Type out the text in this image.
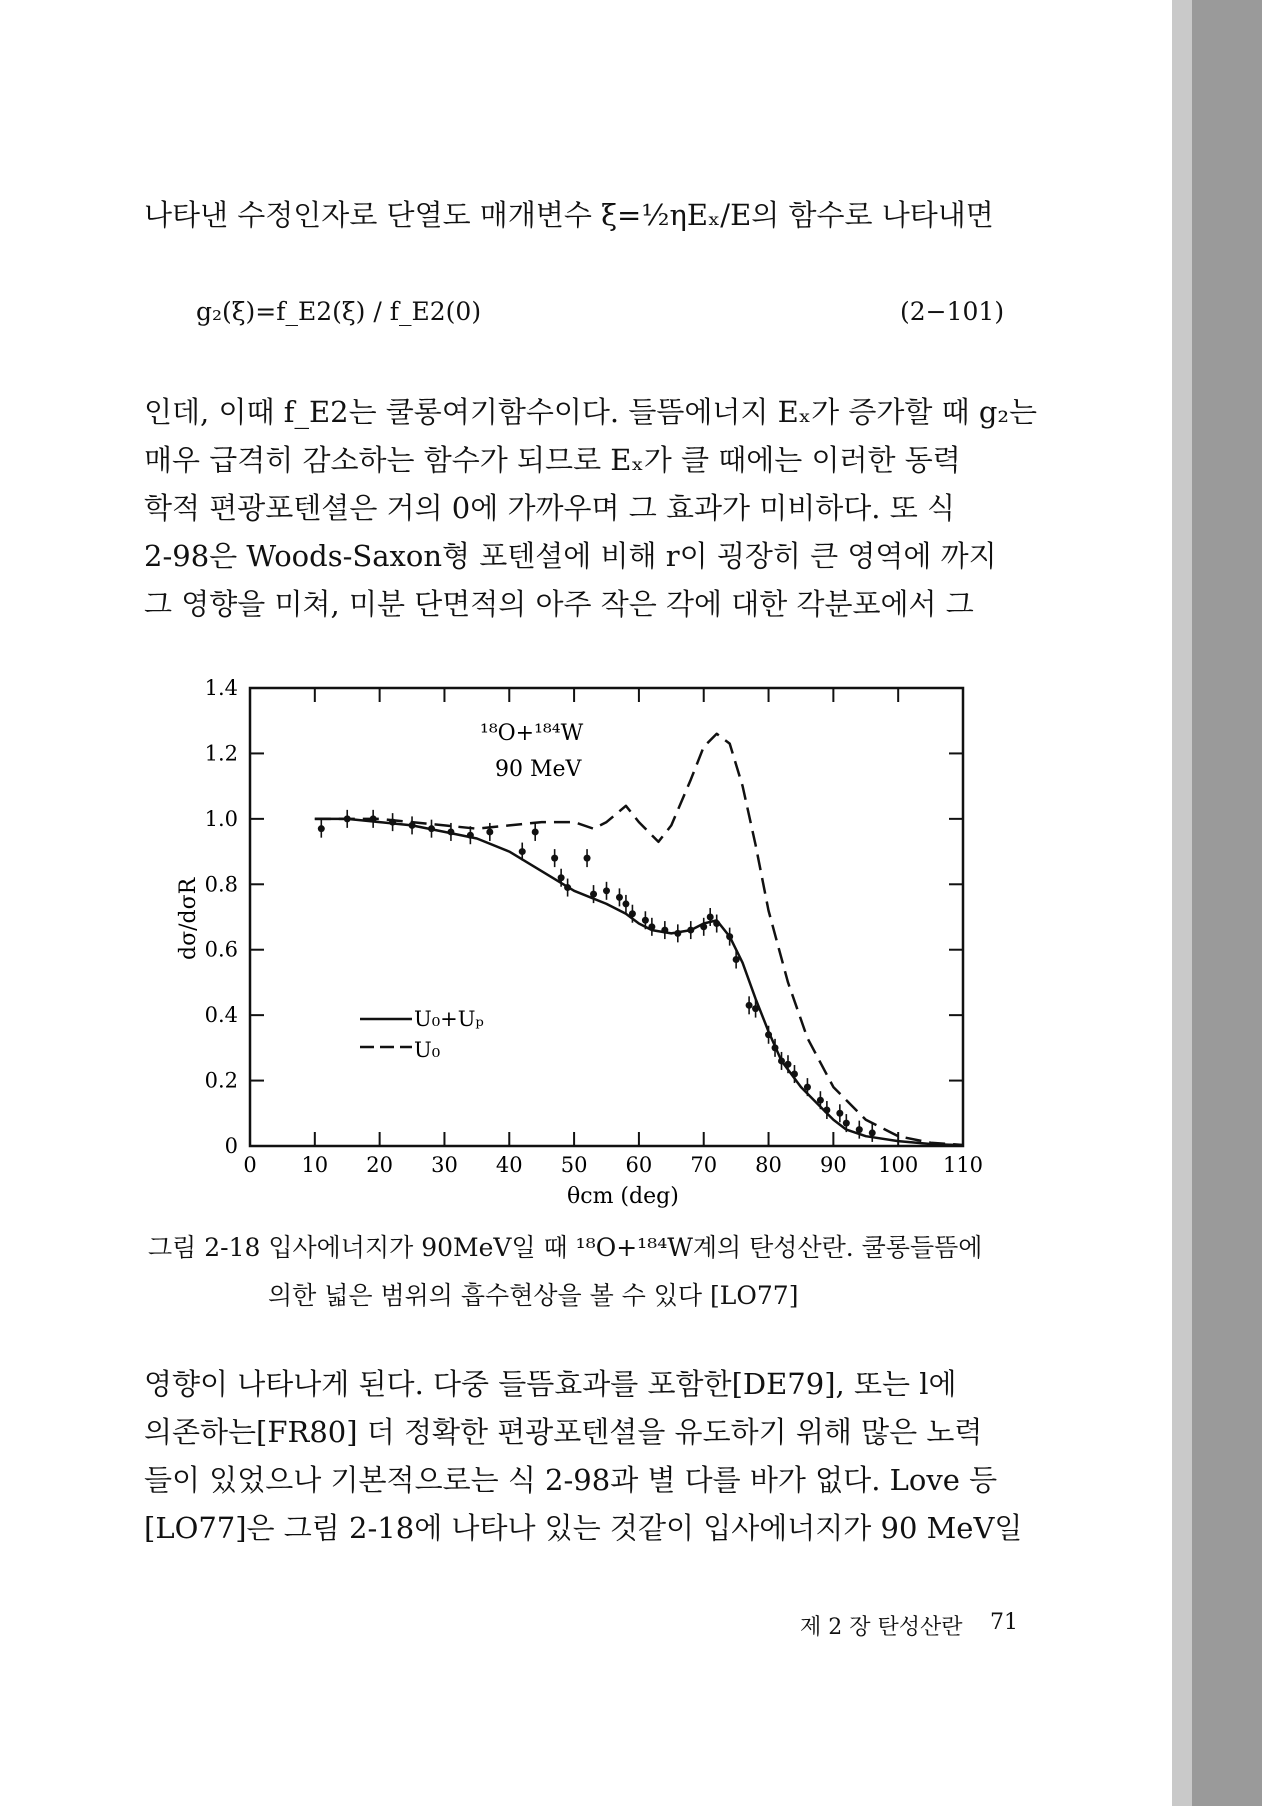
나타낸 수정인자로 단열도 매개변수 ξ=½ηEₓ/E의 함수로 나타내면
g₂(ξ)=f_E2(ξ) / f_E2(0)	(2−101)
인데, 이때 f_E2는 쿨롱여기함수이다. 들뜸에너지 Eₓ가 증가할 때 g₂는
매우 급격히 감소하는 함수가 되므로 Eₓ가 클 때에는 이러한 동력
학적 편광포텐셜은 거의 0에 가까우며 그 효과가 미비하다. 또 식
2-98은 Woods-Saxon형 포텐셜에 비해 r이 굉장히 큰 영역에 까지
그 영향을 미쳐, 미분 단면적의 아주 작은 각에 대한 각분포에서 그
0 10 20 30 40 50 60 70 80 90 100 110
0
0.2
0.4
0.6
0.8
1.0
1.2
1.4
¹⁸O+¹⁸⁴W
90 MeV
θcm (deg)
dσ/dσR
U₀+Uₚ
U₀
그림 2-18 입사에너지가 90MeV일 때 ¹⁸O+¹⁸⁴W계의 탄성산란. 쿨롱들뜸에
의한 넓은 범위의 흡수현상을 볼 수 있다 [LO77]
영향이 나타나게 된다. 다중 들뜸효과를 포함한[DE79], 또는 l에
의존하는[FR80] 더 정확한 편광포텐셜을 유도하기 위해 많은 노력
들이 있었으나 기본적으로는 식 2-98과 별 다를 바가 없다. Love 등
[LO77]은 그림 2-18에 나타나 있는 것같이 입사에너지가 90 MeV일
제 2 장 탄성산란 71
